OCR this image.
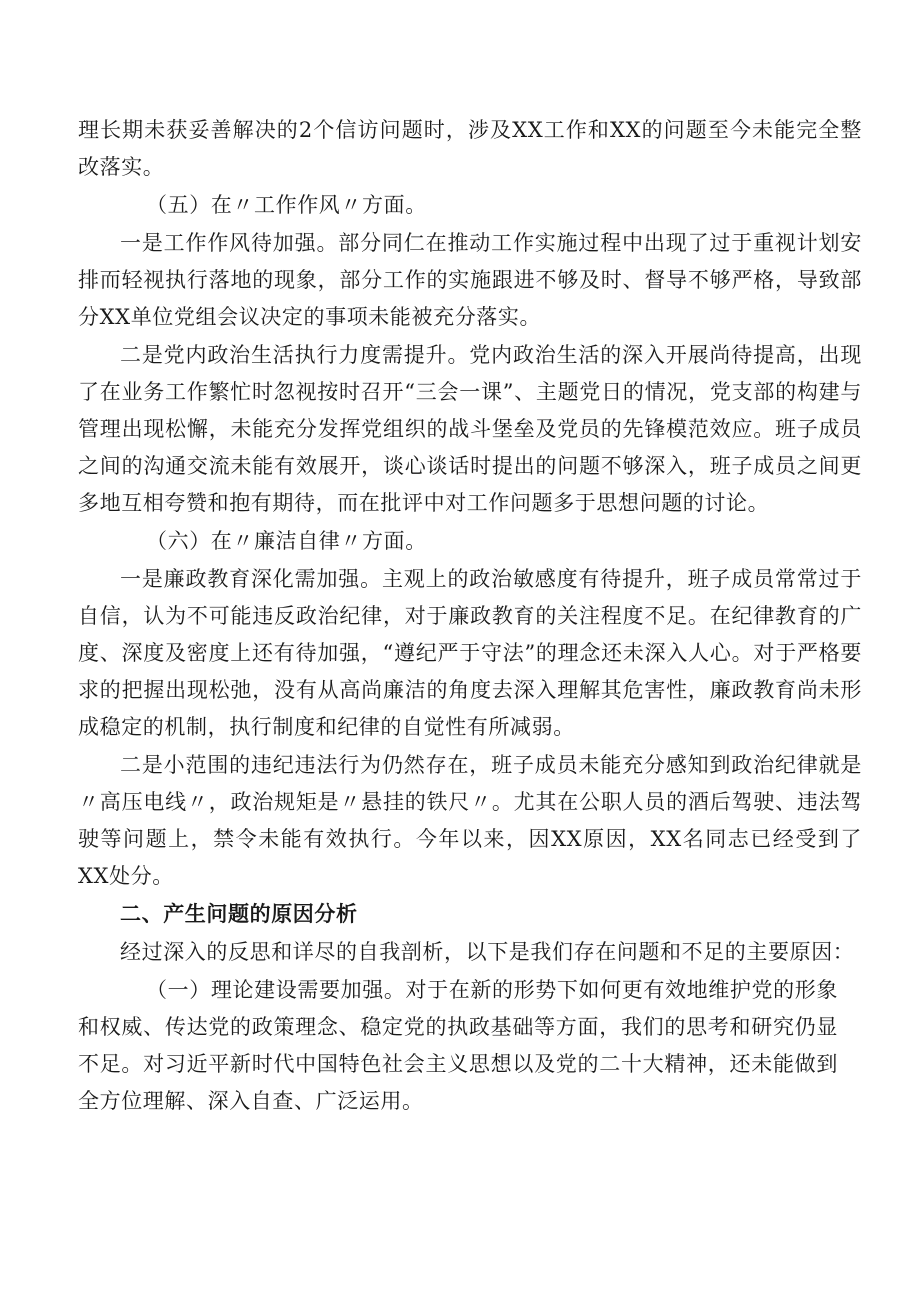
理长期未获妥善解决的2个信访问题时，涉及XX工作和XX的问题至今未能完全整改落实。

（五）在〃工作作风〃方面。

一是工作作风待加强。部分同仁在推动工作实施过程中出现了过于重视计划安排而轻视执行落地的现象，部分工作的实施跟进不够及时、督导不够严格，导致部分XX单位党组会议决定的事项未能被充分落实。

二是党内政治生活执行力度需提升。党内政治生活的深入开展尚待提高，出现了在业务工作繁忙时忽视按时召开“三会一课”、主题党日的情况，党支部的构建与管理出现松懈，未能充分发挥党组织的战斗堡垒及党员的先锋模范效应。班子成员之间的沟通交流未能有效展开，谈心谈话时提出的问题不够深入，班子成员之间更多地互相夸赞和抱有期待，而在批评中对工作问题多于思想问题的讨论。

（六）在〃廉洁自律〃方面。

一是廉政教育深化需加强。主观上的政治敏感度有待提升，班子成员常常过于自信，认为不可能违反政治纪律，对于廉政教育的关注程度不足。在纪律教育的广度、深度及密度上还有待加强，“遵纪严于守法”的理念还未深入人心。对于严格要求的把握出现松弛，没有从高尚廉洁的角度去深入理解其危害性，廉政教育尚未形成稳定的机制，执行制度和纪律的自觉性有所减弱。

二是小范围的违纪违法行为仍然存在，班子成员未能充分感知到政治纪律就是〃高压电线〃，政治规矩是〃悬挂的铁尺〃。尤其在公职人员的酒后驾驶、违法驾驶等问题上，禁令未能有效执行。今年以来，因XX原因，XX名同志已经受到了XX处分。

二、产生问题的原因分析

经过深入的反思和详尽的自我剖析，以下是我们存在问题和不足的主要原因：

（一）理论建设需要加强。对于在新的形势下如何更有效地维护党的形象和权威、传达党的政策理念、稳定党的执政基础等方面，我们的思考和研究仍显不足。对习近平新时代中国特色社会主义思想以及党的二十大精神，还未能做到全方位理解、深入自查、广泛运用。
